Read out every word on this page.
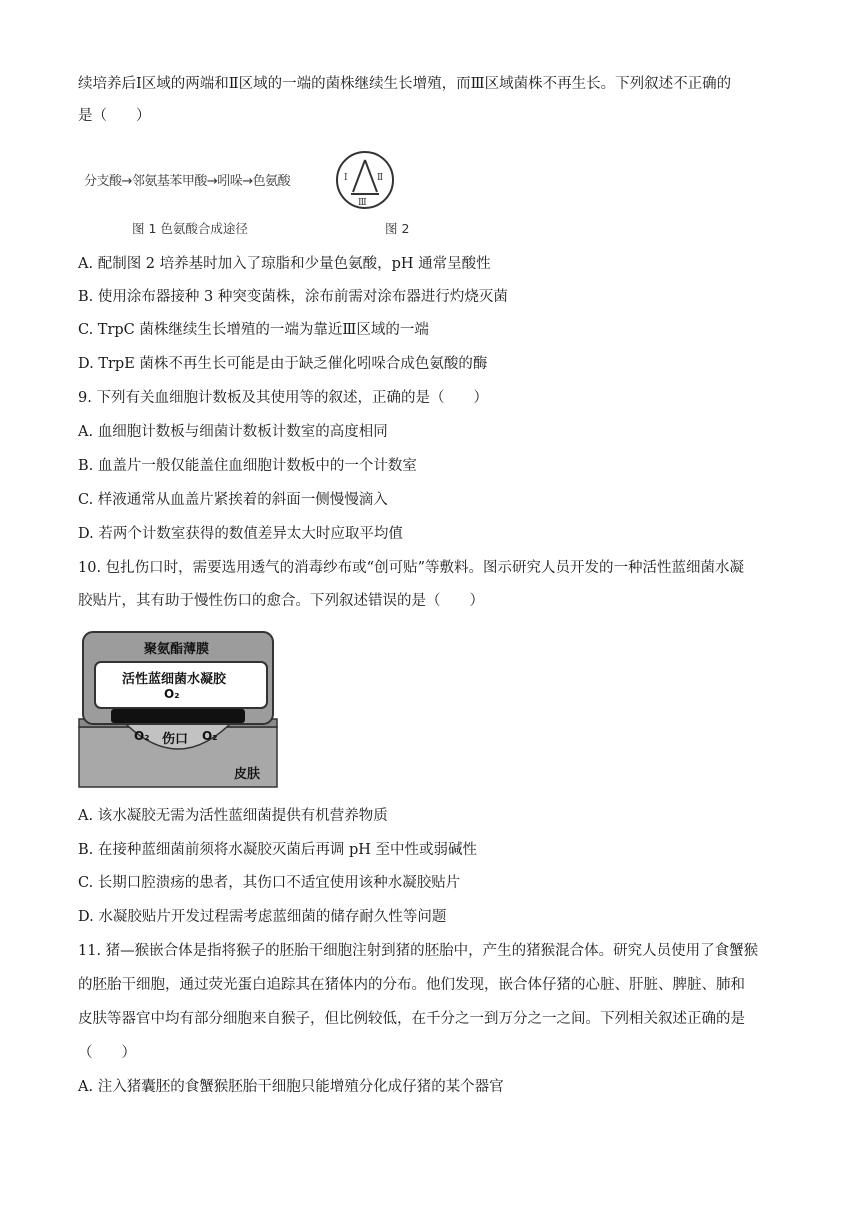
续培养后Ⅰ区域的两端和Ⅱ区域的一端的菌株继续生长增殖，而Ⅲ区域菌株不再生长。下列叙述不正确的
是（　　）
分支酸→邻氨基苯甲酸→吲哚→色氨酸
图 1 色氨酸合成途径
Ⅰ	Ⅱ
Ⅲ
图 2
A. 配制图 2 培养基时加入了琼脂和少量色氨酸，pH 通常呈酸性
B. 使用涂布器接种 3 种突变菌株，涂布前需对涂布器进行灼烧灭菌
C. TrpC 菌株继续生长增殖的一端为靠近Ⅲ区域的一端
D. TrpE 菌株不再生长可能是由于缺乏催化吲哚合成色氨酸的酶
9. 下列有关血细胞计数板及其使用等的叙述，正确的是（　　）
A. 血细胞计数板与细菌计数板计数室的高度相同
B. 血盖片一般仅能盖住血细胞计数板中的一个计数室
C. 样液通常从血盖片紧挨着的斜面一侧慢慢滴入
D. 若两个计数室获得的数值差异太大时应取平均值
10. 包扎伤口时，需要选用透气的消毒纱布或“创可贴”等敷料。图示研究人员开发的一种活性蓝细菌水凝
胶贴片，其有助于慢性伤口的愈合。下列叙述错误的是（　　）
聚氨酯薄膜
活性蓝细菌水凝胶
O₂
O₂ 伤口 O₂
皮肤
A. 该水凝胶无需为活性蓝细菌提供有机营养物质
B. 在接种蓝细菌前须将水凝胶灭菌后再调 pH 至中性或弱碱性
C. 长期口腔溃疡的患者，其伤口不适宜使用该种水凝胶贴片
D. 水凝胶贴片开发过程需考虑蓝细菌的储存耐久性等问题
11. 猪—猴嵌合体是指将猴子的胚胎干细胞注射到猪的胚胎中，产生的猪猴混合体。研究人员使用了食蟹猴
的胚胎干细胞，通过荧光蛋白追踪其在猪体内的分布。他们发现，嵌合体仔猪的心脏、肝脏、脾脏、肺和
皮肤等器官中均有部分细胞来自猴子，但比例较低，在千分之一到万分之一之间。下列相关叙述正确的是
（　　）
A. 注入猪囊胚的食蟹猴胚胎干细胞只能增殖分化成仔猪的某个器官
